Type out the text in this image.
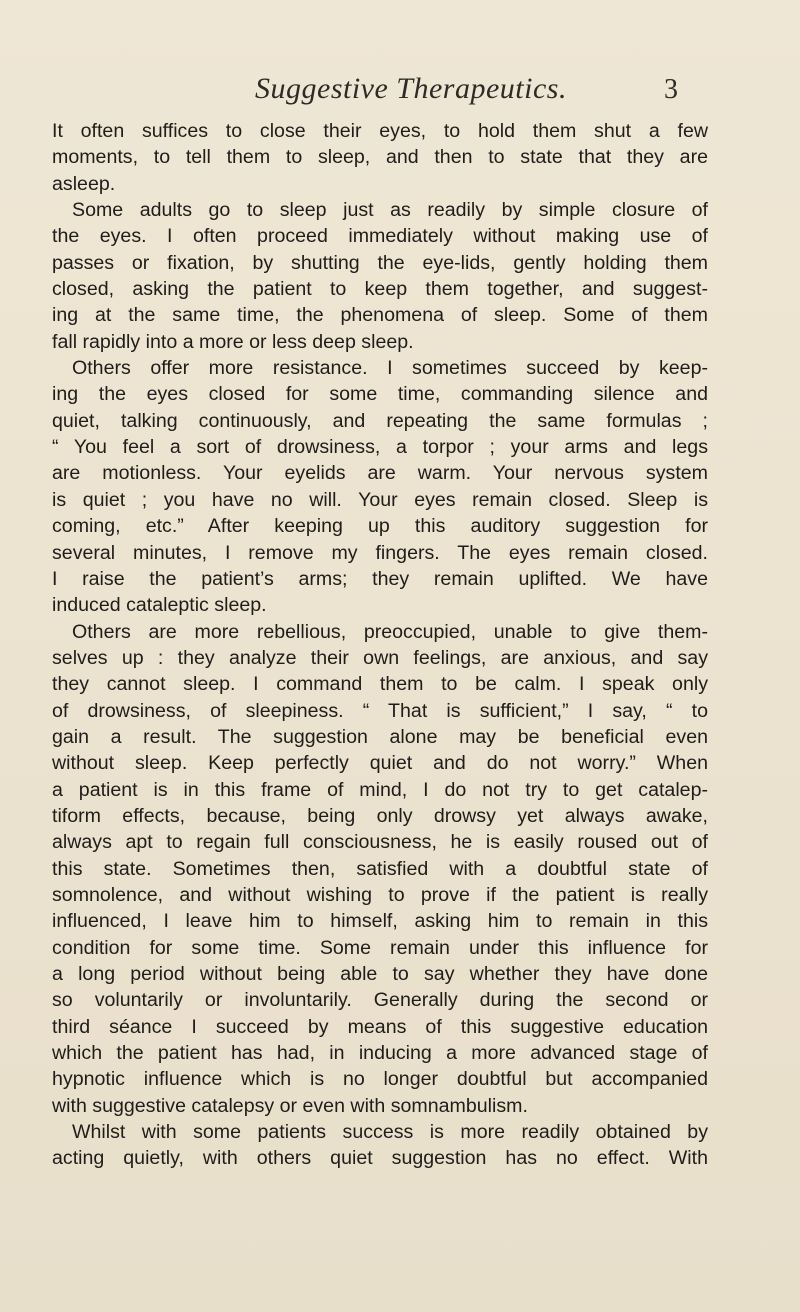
Suggestive Therapeutics.	3
It often suffices to close their eyes, to hold them shut a few
moments, to tell them to sleep, and then to state that they are
asleep.
Some adults go to sleep just as readily by simple closure of
the eyes. I often proceed immediately without making use of
passes or fixation, by shutting the eye-lids, gently holding them
closed, asking the patient to keep them together, and suggest-
ing at the same time, the phenomena of sleep. Some of them
fall rapidly into a more or less deep sleep.
Others offer more resistance. I sometimes succeed by keep-
ing the eyes closed for some time, commanding silence and
quiet, talking continuously, and repeating the same formulas ;
“ You feel a sort of drowsiness, a torpor ; your arms and legs
are motionless. Your eyelids are warm. Your nervous system
is quiet ; you have no will. Your eyes remain closed. Sleep is
coming, etc.” After keeping up this auditory suggestion for
several minutes, I remove my fingers. The eyes remain closed.
I raise the patient’s arms; they remain uplifted. We have
induced cataleptic sleep.
Others are more rebellious, preoccupied, unable to give them-
selves up : they analyze their own feelings, are anxious, and say
they cannot sleep. I command them to be calm. I speak only
of drowsiness, of sleepiness. “ That is sufficient,” I say, “ to
gain a result. The suggestion alone may be beneficial even
without sleep. Keep perfectly quiet and do not worry.” When
a patient is in this frame of mind, I do not try to get catalep-
tiform effects, because, being only drowsy yet always awake,
always apt to regain full consciousness, he is easily roused out of
this state. Sometimes then, satisfied with a doubtful state of
somnolence, and without wishing to prove if the patient is really
influenced, I leave him to himself, asking him to remain in this
condition for some time. Some remain under this influence for
a long period without being able to say whether they have done
so voluntarily or involuntarily. Generally during the second or
third séance I succeed by means of this suggestive education
which the patient has had, in inducing a more advanced stage of
hypnotic influence which is no longer doubtful but accompanied
with suggestive catalepsy or even with somnambulism.
Whilst with some patients success is more readily obtained by
acting quietly, with others quiet suggestion has no effect. With
